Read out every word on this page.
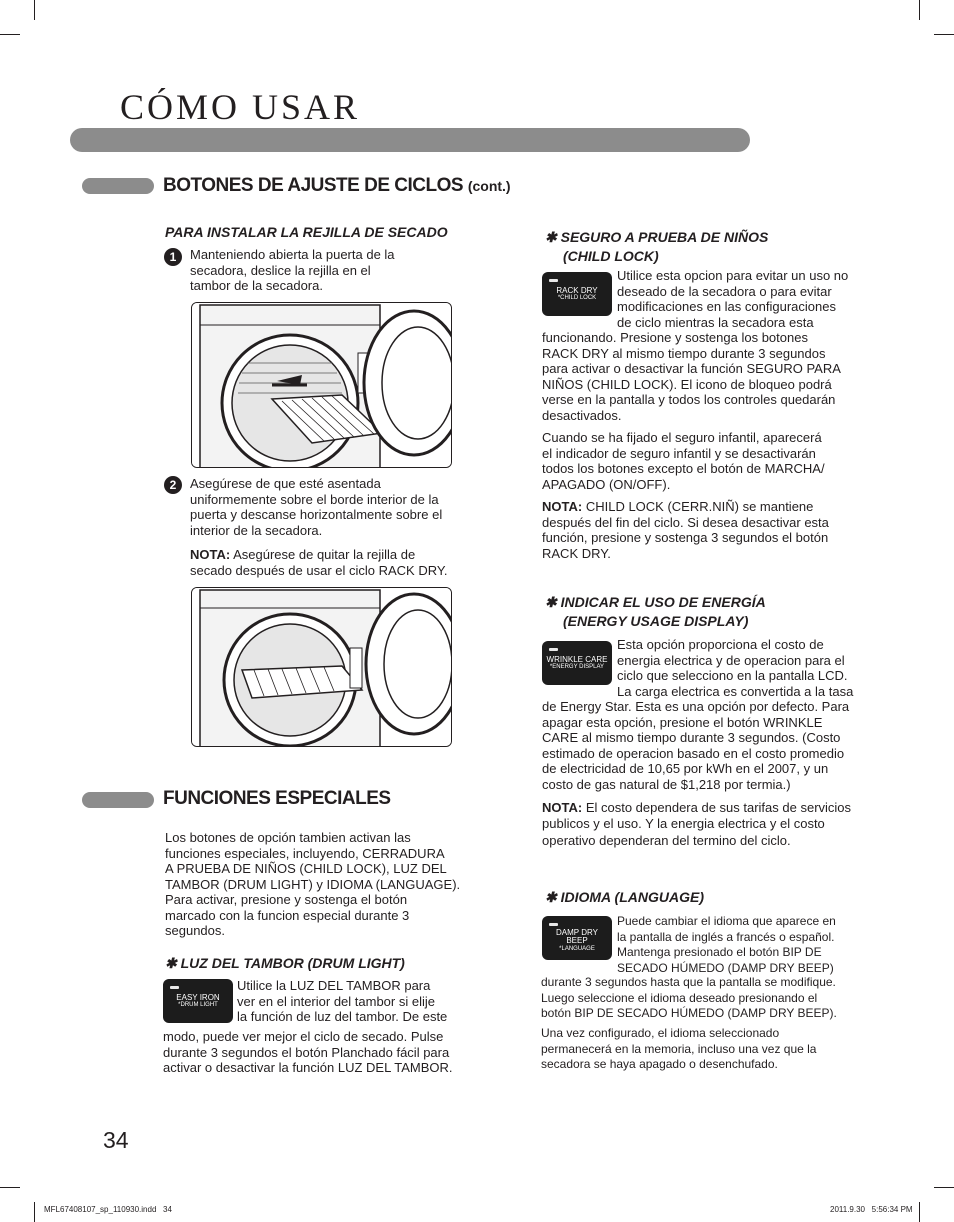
CÓMO USAR
BOTONES DE AJUSTE DE CICLOS (cont.)
PARA INSTALAR LA REJILLA DE SECADO
1	Manteniendo abierta la puerta de la
secadora, deslice la rejilla en el
tambor de la secadora.
2	Asegúrese de que esté asentada
uniformemente sobre el borde interior de la
puerta y descanse horizontalmente sobre el
interior de la secadora.
NOTA: Asegúrese de quitar la rejilla de
secado después de usar el ciclo RACK DRY.
FUNCIONES ESPECIALES
Los botones de opción tambien activan las
funciones especiales, incluyendo, CERRADURA
A PRUEBA DE NIÑOS (CHILD LOCK), LUZ DEL
TAMBOR (DRUM LIGHT) y IDIOMA (LANGUAGE).
Para activar, presione y sostenga el botón
marcado con la funcion especial durante 3
segundos.
✱ LUZ DEL TAMBOR (DRUM LIGHT)
EASY IRON
*DRUM LIGHT
Utilice la LUZ DEL TAMBOR para
ver en el interior del tambor si elije
la función de luz del tambor. De este
modo, puede ver mejor el ciclo de secado. Pulse
durante 3 segundos el botón Planchado fácil para
activar o desactivar la función LUZ DEL TAMBOR.
✱ SEGURO A PRUEBA DE NIÑOS
(CHILD LOCK)
RACK DRY
*CHILD LOCK
Utilice esta opcion para evitar un uso no
deseado de la secadora o para evitar
modificaciones en las configuraciones
de ciclo mientras la secadora esta
funcionando. Presione y sostenga los botones
RACK DRY al mismo tiempo durante 3 segundos
para activar o desactivar la función SEGURO PARA
NIÑOS (CHILD LOCK). El icono de bloqueo podrá
verse en la pantalla y todos los controles quedarán
desactivados.
Cuando se ha fijado el seguro infantil, aparecerá
el indicador de seguro infantil y se desactivarán
todos los botones excepto el botón de MARCHA/
APAGADO (ON/OFF).
NOTA: CHILD LOCK (CERR.NIÑ) se mantiene
después del fin del ciclo. Si desea desactivar esta
función, presione y sostenga 3 segundos el botón
RACK DRY.
✱ INDICAR EL USO DE ENERGÍA
(ENERGY USAGE DISPLAY)
WRINKLE CARE
*ENERGY DISPLAY
Esta opción proporciona el costo de
energia electrica y de operacion para el
ciclo que selecciono en la pantalla LCD.
La carga electrica es convertida a la tasa
de Energy Star. Esta es una opción por defecto. Para
apagar esta opción, presione el botón WRINKLE
CARE al mismo tiempo durante 3 segundos. (Costo
estimado de operacion basado en el costo promedio
de electricidad de 10,65 por kWh en el 2007, y un
costo de gas natural de $1,218 por termia.)
NOTA: El costo dependera de sus tarifas de servicios
publicos y el uso. Y la energia electrica y el costo
operativo dependeran del termino del ciclo.
✱ IDIOMA (LANGUAGE)
DAMP DRY
BEEP
*LANGUAGE
Puede cambiar el idioma que aparece en
la pantalla de inglés a francés o español.
Mantenga presionado el botón BIP DE
SECADO HÚMEDO (DAMP DRY BEEP)
durante 3 segundos hasta que la pantalla se modifique.
Luego seleccione el idioma deseado presionando el
botón BIP DE SECADO HÚMEDO (DAMP DRY BEEP).
Una vez configurado, el idioma seleccionado
permanecerá en la memoria, incluso una vez que la
secadora se haya apagado o desenchufado.
34
MFL67408107_sp_110930.indd   34	2011.9.30   5:56:34 PM
